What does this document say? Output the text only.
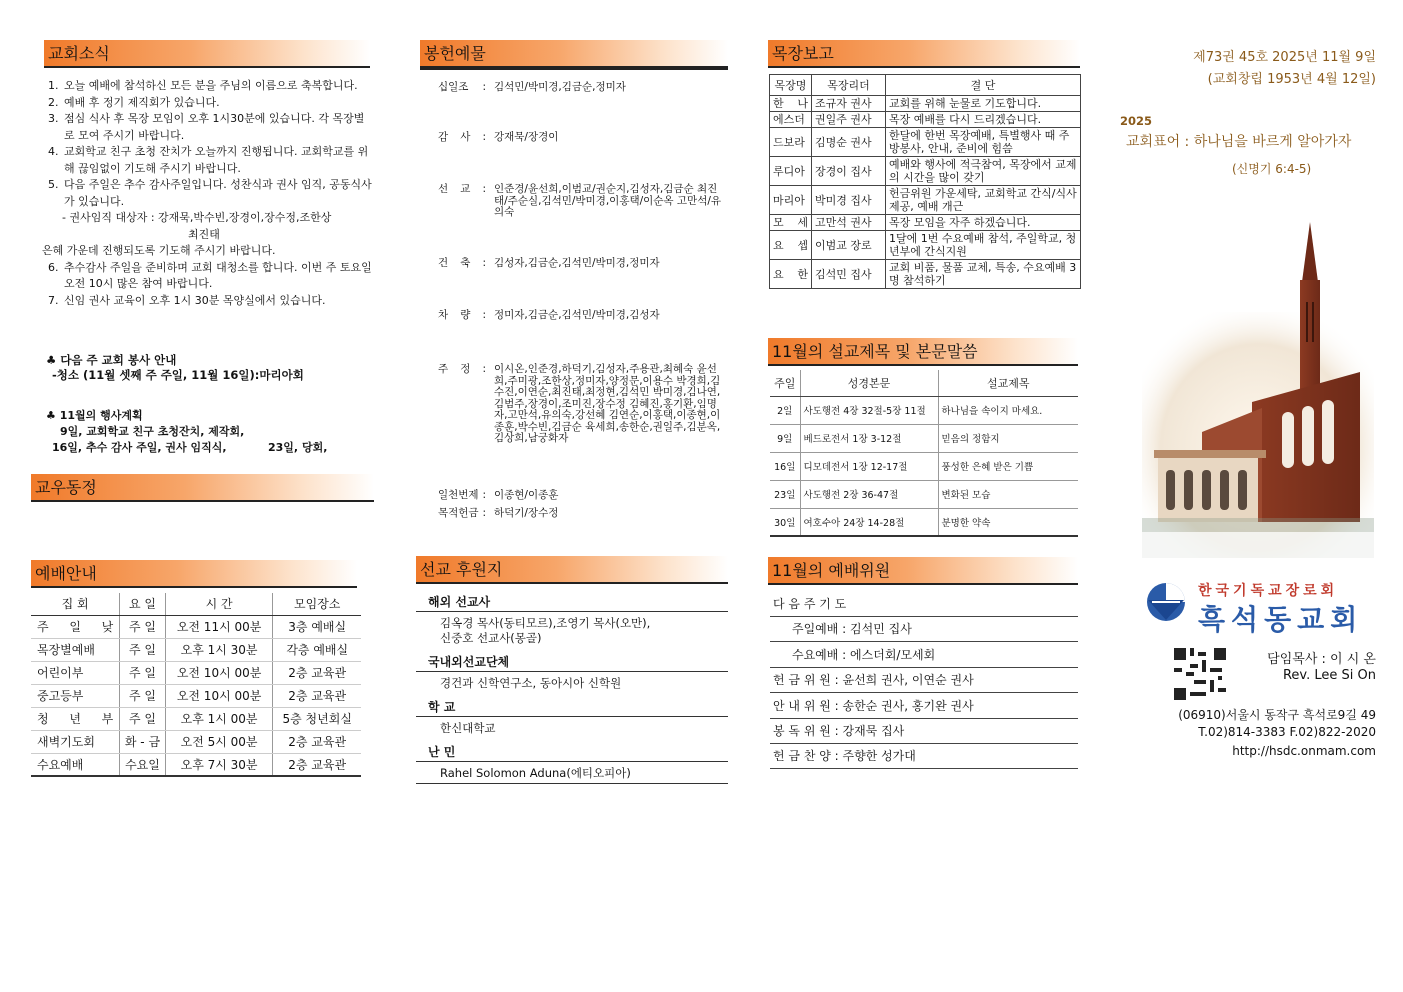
교회소식
1. 오늘 예배에 참석하신 모든 분을 주님의 이름으로 축복합니다.
2. 예배 후 정기 제직회가 있습니다.
3. 점심 식사 후 목장 모임이 오후 1시30분에 있습니다. 각 목장별로 모여 주시기 바랍니다.
4. 교회학교 친구 초청 잔치가 오늘까지 진행됩니다. 교회학교를 위해 끊임없이 기도해 주시기 바랍니다.
5. 다음 주일은 추수 감사주일입니다. 성찬식과 권사 임직, 공동식사가 있습니다.
- 권사임직 대상자 : 강재묵,박수빈,장경이,장수정,조한상
최진태
은혜 가운데 진행되도록 기도해 주시기 바랍니다.
6. 추수감사 주일을 준비하며 교회 대청소를 합니다. 이번 주 토요일 오전 10시 많은 참여 바랍니다.
7. 신임 권사 교육이 오후 1시 30분 목양실에서 있습니다.
♣ 다음 주 교회 봉사 안내
-청소 (11월 셋째 주 주일, 11월 16일):마리아회
♣ 11월의 행사계획
9일, 교회학교 친구 초청잔치, 제작회,
16일, 추수 감사 주일, 권사 임직식,	23일, 당회,
교우동정
예배안내
집 회	요 일	시 간	모임장소
주 일 낮	주 일	오전 11시 00분	3층 예배실
목장별예배	주 일	오후 1시 30분	각층 예배실
어린이부	주 일	오전 10시 00분	2층 교육관
중고등부	주 일	오전 10시 00분	2층 교육관
청 년 부	주 일	오후 1시 00분	5층 청년회실
새벽기도회	화 - 금	오전 5시 00분	2층 교육관
수요예배	수요일	오후 7시 30분	2층 교육관
봉헌예물
십일조 : 김석민/박미경,김금순,정미자
감 사 : 강재묵/장경이
선 교 : 인준경/윤선희,이범교/권순지,김성자,김금순 최진태/주순실,김석민/박미경,이홍택/이순옥 고만석/유의숙
건 축 : 김성자,김금순,김석민/박미경,정미자
차 량 : 정미자,김금순,김석민/박미경,김성자
주 정 : 이시온,인준경,하덕기,김성자,주용관,최혜숙 윤선희,주미광,조한상,정미자,양정문,이용수 박경희,김수진,이연순,최진태,최정현,김석민 박미경,김나연,김범주,장경이,조미진,장수정 김혜진,홍기환,임명자,고만석,유의숙,강선혜 김연순,이홍택,이종현,이종훈,박수빈,김금순 육세희,송한순,권일주,김분옥,김상희,남궁화자
일천번제 : 이종현/이종훈
목적헌금 : 하덕기/장수정
선교 후원지
해외 선교사
김옥경 목사(동티모르),조영기 목사(오만),
신중호 선교사(몽골)
국내외선교단체
경건과 신학연구소, 동아시아 신학원
학 교
한신대학교
난 민
Rahel Solomon Aduna(에티오피아)
목장보고
목장명	목장리더	결 단
한 나	조규자 권사	교회를 위해 눈물로 기도합니다.
에스더	권일주 권사	목장 예배를 다시 드리겠습니다.
드보라	김명순 권사	한달에 한번 목장예배, 특별행사 때 주방봉사, 안내, 준비에 힘씀
루디아	장경이 집사	예배와 행사에 적극참여, 목장에서 교제의 시간을 많이 갖기
마리아	박미경 집사	헌금위원 가운세탁, 교회학교 간식/식사 제공, 예배 개근
모 세	고만석 권사	목장 모임을 자주 하겠습니다.
요 셉	이범교 장로	1달에 1번 수요예배 참석, 주일학교, 청년부에 간식지원
요 한	김석민 집사	교회 비품, 물품 교체, 특송, 수요예배 3명 참석하기
11월의 설교제목 및 본문말씀
주일	성경본문	설교제목
2일	사도행전 4장 32절-5장 11절	하나님을 속이지 마세요.
9일	베드로전서 1장 3-12절	믿음의 정함지
16일	디모데전서 1장 12-17절	풍성한 은혜 받은 기쁨
23일	사도행전 2장 36-47절	변화된 모습
30일	여호수아 24장 14-28절	분명한 약속
11월의 예배위원
다 음 주 기 도
주일예배 : 김석민 집사
수요예배 : 에스더회/모세회
헌 금 위 원 : 윤선희 권사, 이연순 권사
안 내 위 원 : 송한순 권사, 홍기완 권사
봉 독 위 원 : 강재묵 집사
헌 금 찬 양 : 주향한 성가대
제73권 45호 2025년 11월 9일
(교회창립 1953년 4월 12일)
2025
교회표어 : 하나님을 바르게 알아가자
(신명기 6:4-5)
한국기독교장로회
흑석동교회
담임목사 : 이 시 온
Rev. Lee Si On
(06910)서울시 동작구 흑석로9길 49
T.02)814-3383 F.02)822-2020
http://hsdc.onmam.com
